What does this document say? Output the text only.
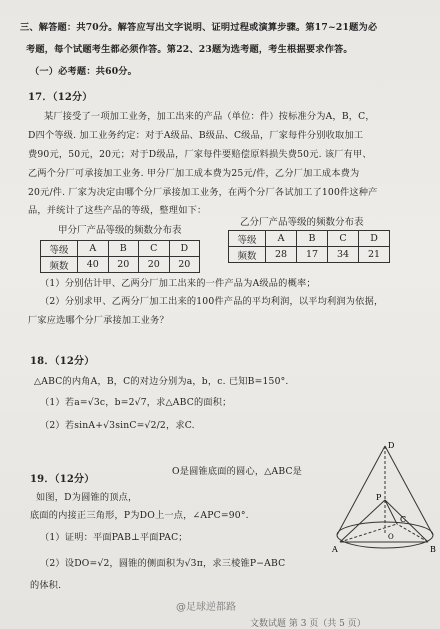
三、解答题：共70分。解答应写出文字说明、证明过程或演算步骤。第17~21题为必
考题，每个试题考生都必须作答。第22、23题为选考题，考生根据要求作答。
（一）必考题：共60分。
17．（12分）
某厂接受了一项加工业务，加工出来的产品（单位：件）按标准分为A，B，C，
D四个等级. 加工业务约定：对于A级品、B级品、C级品，厂家每件分别收取加工
费90元，50元，20元；对于D级品，厂家每件要赔偿原料损失费50元. 该厂有甲、
乙两个分厂可承接加工业务. 甲分厂加工成本费为25元/件，乙分厂加工成本费为
20元/件. 厂家为决定由哪个分厂承接加工业务，在两个分厂各试加工了100件这种产
品，并统计了这些产品的等级，整理如下：
甲分厂产品等级的频数分布表
等级	A	B	C	D
频数	40	20	20	20
乙分厂产品等级的频数分布表
等级	A	B	C	D
频数	28	17	34	21
（1）分别估计甲、乙两分厂加工出来的一件产品为A级品的概率；
（2）分别求甲、乙两分厂加工出来的100件产品的平均利润，以平均利润为依据，
厂家应选哪个分厂承接加工业务？
18．（12分）
△ABC的内角A，B，C的对边分别为a，b，c. 已知B=150°.
（1）若a=√3c，b=2√7，求△ABC的面积；
（2）若sinA+√3sinC=√2/2，求C.
19．（12分）
O是圆锥底面的圆心，△ABC是
如图，D为圆锥的顶点，
底面的内接正三角形，P为DO上一点，∠APC=90°.
（1）证明：平面PAB⊥平面PAC；
（2）设DO=√2，圆锥的侧面积为√3π，求三棱锥P−ABC
的体积.
D
P
O
C
A	B
@足球逆都路
文数试题 第 3 页（共 5 页）
